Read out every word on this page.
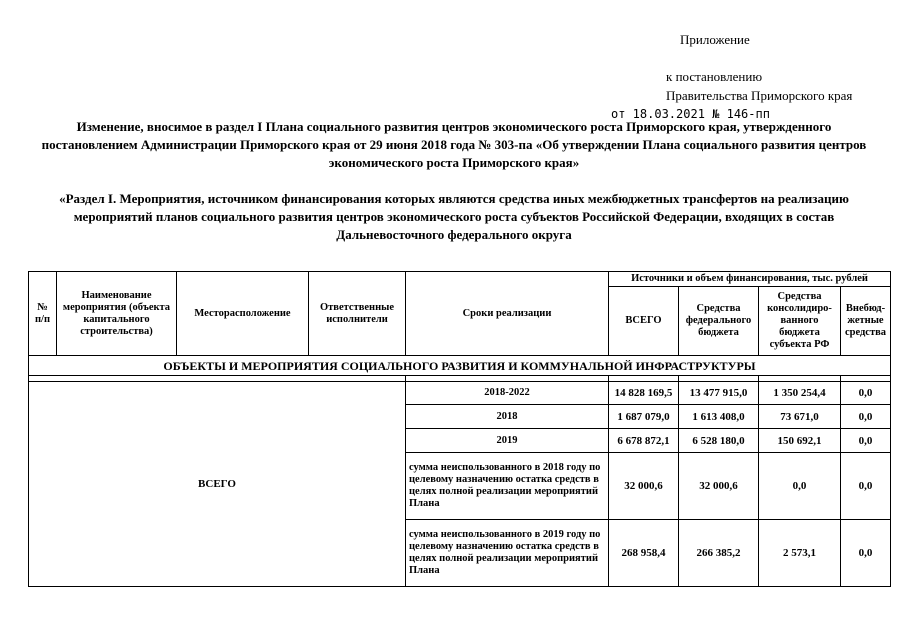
Приложение
к постановлению
Правительства Приморского края
от 18.03.2021 № 146-пп
Изменение, вносимое в раздел I Плана социального развития центров экономического роста Приморского края, утвержденного постановлением Администрации Приморского края от 29 июня 2018 года № 303-па «Об утверждении Плана социального развития центров экономического роста Приморского края»
«Раздел I. Мероприятия, источником финансирования которых являются средства иных межбюджетных трансфертов на реализацию мероприятий планов социального развития центров экономического роста субъектов Российской Федерации, входящих в состав Дальневосточного федерального округа
№ п/п	Наименование мероприятия (объекта капитального строительства)	Месторасположение	Ответственные исполнители	Сроки реализации	Источники и объем финансирования, тыс. рублей			
					ВСЕГО	Средства федерального бюджета	Средства консолидиро-ванного бюджета субъекта РФ	Внебюд-жетные средства
ОБЪЕКТЫ И МЕРОПРИЯТИЯ СОЦИАЛЬНОГО РАЗВИТИЯ И КОММУНАЛЬНОЙ ИНФРАСТРУКТУРЫ								

ВСЕГО				2018-2022	14 828 169,5	13 477 915,0	1 350 254,4	0,0
				2018	1 687 079,0	1 613 408,0	73 671,0	0,0
				2019	6 678 872,1	6 528 180,0	150 692,1	0,0
				сумма неиспользованного в 2018 году по целевому назначению остатка средств в целях полной реализации мероприятий Плана	32 000,6	32 000,6	0,0	0,0
				сумма неиспользованного в 2019 году по целевому назначению остатка средств в целях полной реализации мероприятий Плана	268 958,4	266 385,2	2 573,1	0,0
